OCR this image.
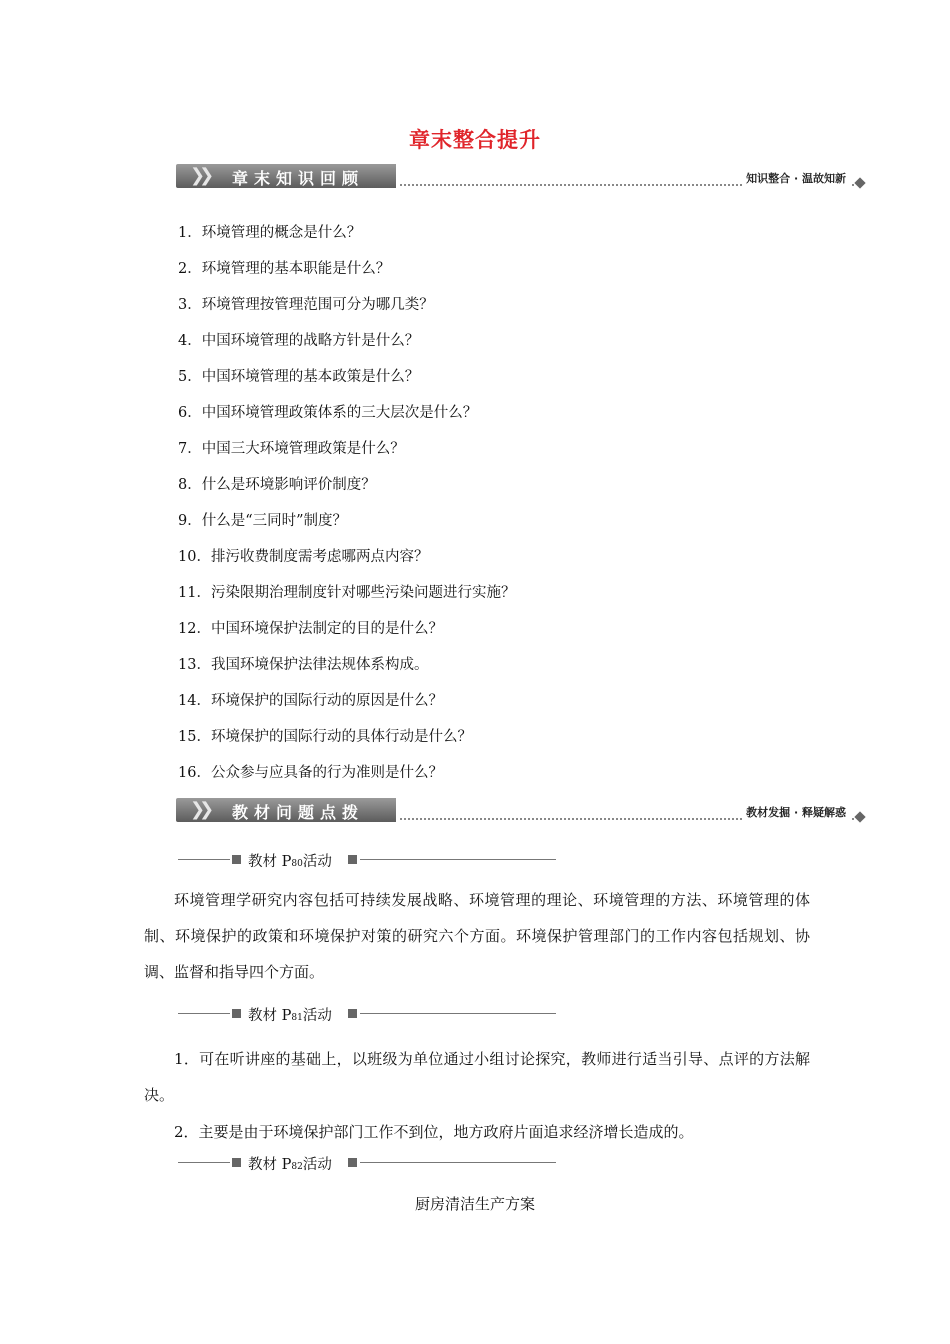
章末整合提升
❯❯ 章末知识回顾	知识整合 · 温故知新
1．环境管理的概念是什么？
2．环境管理的基本职能是什么？
3．环境管理按管理范围可分为哪几类？
4．中国环境管理的战略方针是什么？
5．中国环境管理的基本政策是什么？
6．中国环境管理政策体系的三大层次是什么？
7．中国三大环境管理政策是什么？
8．什么是环境影响评价制度？
9．什么是“三同时”制度？
10．排污收费制度需考虑哪两点内容？
11．污染限期治理制度针对哪些污染问题进行实施？
12．中国环境保护法制定的目的是什么？
13．我国环境保护法律法规体系构成。
14．环境保护的国际行动的原因是什么？
15．环境保护的国际行动的具体行动是什么？
16．公众参与应具备的行为准则是什么？
❯❯ 教材问题点拨	教材发掘 · 释疑解惑
教材 P80活动
环境管理学研究内容包括可持续发展战略、环境管理的理论、环境管理的方法、环境管理的体制、环境保护的政策和环境保护对策的研究六个方面。环境保护管理部门的工作内容包括规划、协调、监督和指导四个方面。
教材 P81活动
1．可在听讲座的基础上，以班级为单位通过小组讨论探究，教师进行适当引导、点评的方法解决。
2．主要是由于环境保护部门工作不到位，地方政府片面追求经济增长造成的。
教材 P82活动
厨房清洁生产方案
